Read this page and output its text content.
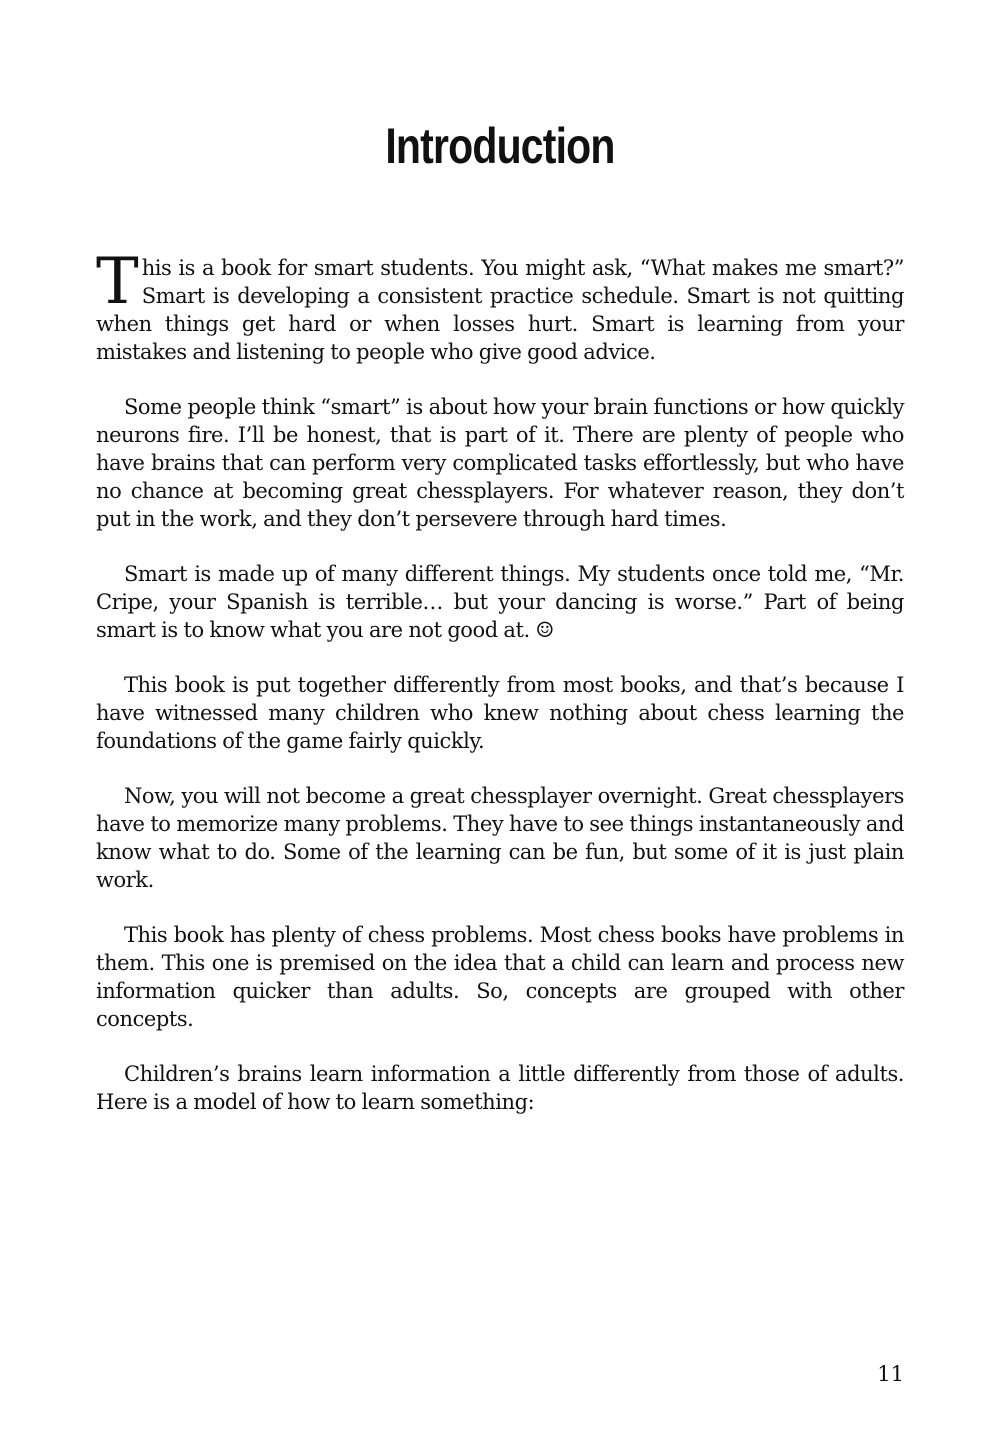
Introduction

This is a book for smart students. You might ask, “What makes me smart?” Smart is developing a consistent practice schedule. Smart is not quitting when things get hard or when losses hurt. Smart is learning from your mistakes and listening to people who give good advice.

Some people think “smart” is about how your brain functions or how quickly neurons fire. I’ll be honest, that is part of it. There are plenty of people who have brains that can perform very complicated tasks effortlessly, but who have no chance at becoming great chessplayers. For whatever reason, they don’t put in the work, and they don’t persevere through hard times.

Smart is made up of many different things. My students once told me, “Mr. Cripe, your Spanish is terrible… but your dancing is worse.” Part of being smart is to know what you are not good at. ☺

This book is put together differently from most books, and that’s because I have witnessed many children who knew nothing about chess learning the foundations of the game fairly quickly.

Now, you will not become a great chessplayer overnight. Great chessplayers have to memorize many problems. They have to see things instantaneously and know what to do. Some of the learning can be fun, but some of it is just plain work.

This book has plenty of chess problems. Most chess books have problems in them. This one is premised on the idea that a child can learn and process new information quicker than adults. So, concepts are grouped with other concepts.

Children’s brains learn information a little differently from those of adults. Here is a model of how to learn something:

11
